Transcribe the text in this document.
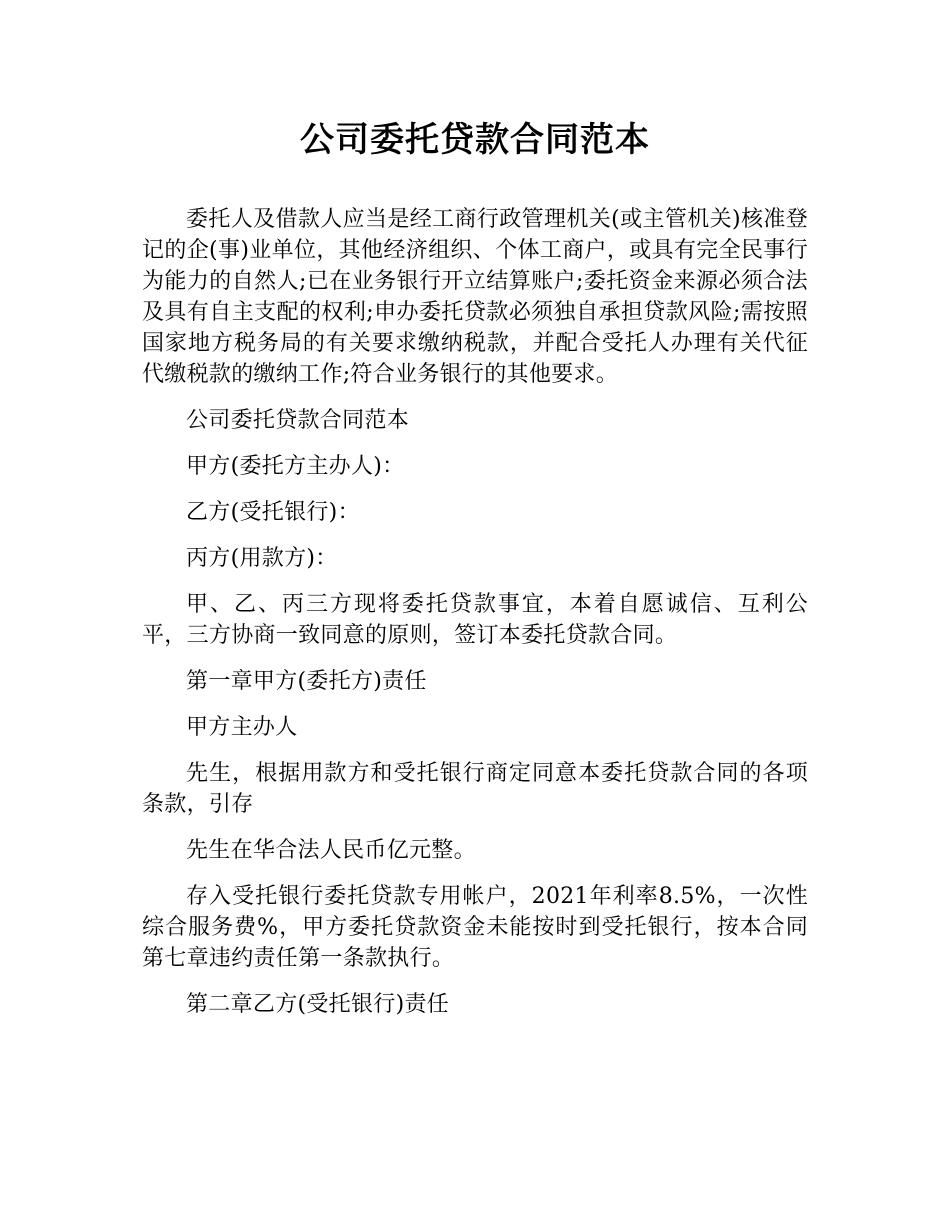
公司委托贷款合同范本

委托人及借款人应当是经工商行政管理机关(或主管机关)核准登记的企(事)业单位，其他经济组织、个体工商户，或具有完全民事行为能力的自然人;已在业务银行开立结算账户;委托资金来源必须合法及具有自主支配的权利;申办委托贷款必须独自承担贷款风险;需按照国家地方税务局的有关要求缴纳税款，并配合受托人办理有关代征代缴税款的缴纳工作;符合业务银行的其他要求。

公司委托贷款合同范本

甲方(委托方主办人)：

乙方(受托银行)：

丙方(用款方)：

甲、乙、丙三方现将委托贷款事宜，本着自愿诚信、互利公平，三方协商一致同意的原则，签订本委托贷款合同。

第一章甲方(委托方)责任

甲方主办人

先生，根据用款方和受托银行商定同意本委托贷款合同的各项条款，引存

先生在华合法人民币亿元整。

存入受托银行委托贷款专用帐户，2021年利率8.5%，一次性综合服务费%，甲方委托贷款资金未能按时到受托银行，按本合同第七章违约责任第一条款执行。

第二章乙方(受托银行)责任
